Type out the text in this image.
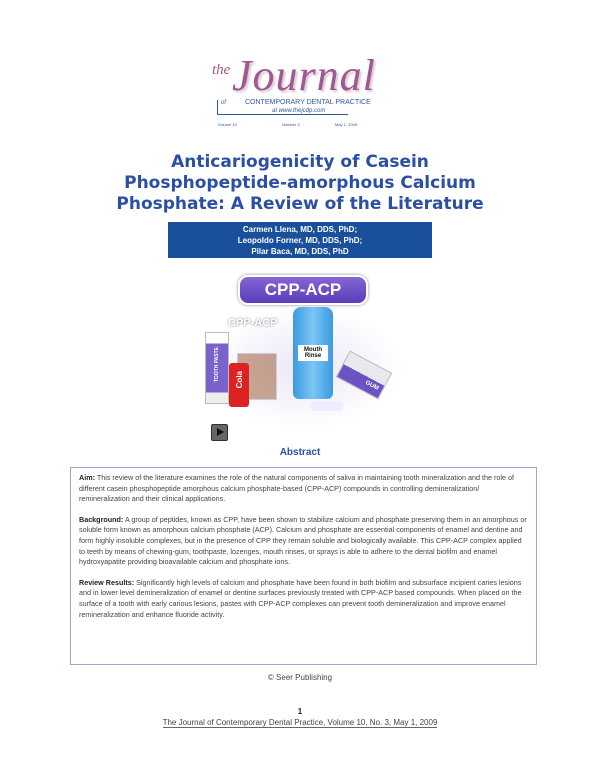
the Journal
of	CONTEMPORARY DENTAL PRACTICE
at www.thejcdp.com
Volume 10	Number 3	May 1, 2009
Anticariogenicity of Casein
Phosphopeptide-amorphous Calcium
Phosphate: A Review of the Literature
Carmen Llena, MD, DDS, PhD;
Leopoldo Forner, MD, DDS, PhD;
Pilar Baca, MD, DDS, PhD
CPP-ACP
TOOTH PASTE Cola
Mouth Rinse
GUM
CPP-ACP
Abstract

Aim: This review of the literature examines the role of the natural components of saliva in maintaining tooth mineralization and the role of different casein phosphopeptide amorphous calcium phosphate-based (CPP-ACP) compounds in controlling demineralization/ remineralization and their clinical applications.

Background: A group of peptides, known as CPP, have been shown to stabilize calcium and phosphate preserving them in an amorphous or soluble form known as amorphous calcium phosphate (ACP). Calcium and phosphate are essential components of enamel and dentine and form highly insoluble complexes, but in the presence of CPP they remain soluble and biologically available. This CPP-ACP complex applied to teeth by means of chewing-gum, toothpaste, lozenges, mouth rinses, or sprays is able to adhere to the dental biofilm and enamel hydroxyapatite providing bioavailable calcium and phosphate ions.

Review Results: Significantly high levels of calcium and phosphate have been found in both biofilm and subsurface incipient caries lesions and in lower level demineralization of enamel or dentine surfaces previously treated with CPP-ACP based compounds. When placed on the surface of a tooth with early carious lesions, pastes with CPP-ACP complexes can prevent tooth demineralization and improve enamel remineralization and enhance fluoride activity.

© Seer Publishing
1
The Journal of Contemporary Dental Practice, Volume 10, No. 3, May 1, 2009
